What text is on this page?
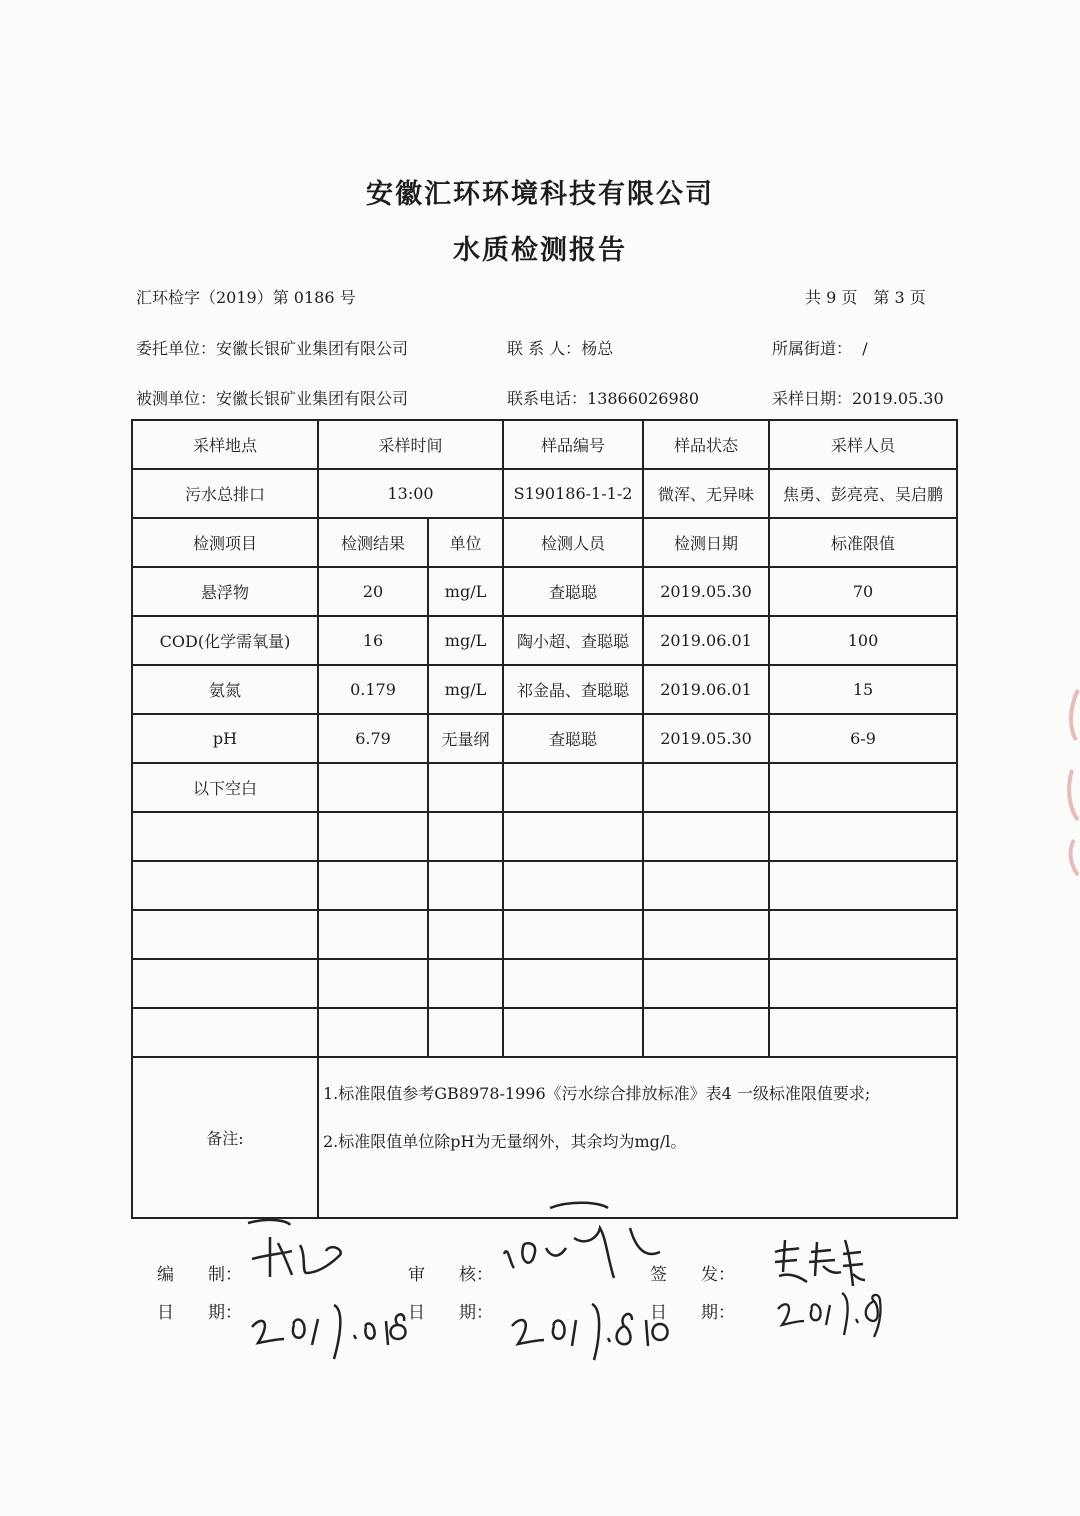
安徽汇环环境科技有限公司
水质检测报告
汇环检字（2019）第 0186 号	共 9 页　第 3 页
委托单位：安徽长银矿业集团有限公司	联 系 人：杨总	所属街道： /
被测单位：安徽长银矿业集团有限公司	联系电话：13866026980	采样日期：2019.05.30
采样地点	采样时间		样品编号	样品状态	采样人员
污水总排口	13:00		S190186-1-1-2	微浑、无异味	焦勇、彭亮亮、吴启鹏
检测项目	检测结果	单位	检测人员	检测日期	标准限值
悬浮物	20	mg/L	查聪聪	2019.05.30	70
COD(化学需氧量)	16	mg/L	陶小超、查聪聪	2019.06.01	100
氨氮	0.179	mg/L	祁金晶、查聪聪	2019.06.01	15
pH	6.79	无量纲	查聪聪	2019.05.30	6-9
以下空白					

备注:	1.标准限值参考GB8978-1996《污水综合排放标准》表4 一级标准限值要求;
2.标准限值单位除pH为无量纲外，其余均为mg/l。				
编　　制：	审　　核：	签　　发：
日　　期：	日　　期：	日　　期：
